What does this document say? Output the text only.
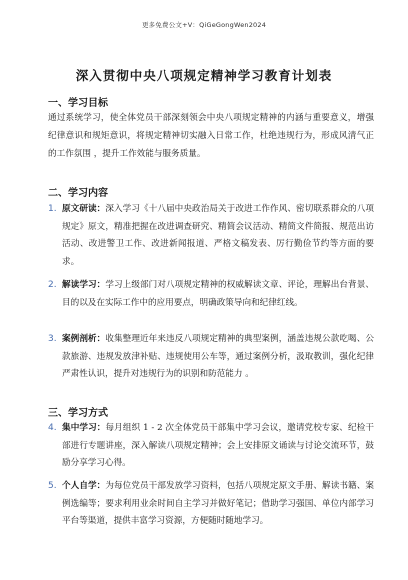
更多免费公文+V：QiGeGongWen2024
深入贯彻中央八项规定精神学习教育计划表
一、学习目标
通过系统学习，使全体党员干部深刻领会中央八项规定精神的内涵与重要意义，增强纪律意识和规矩意识，将规定精神切实融入日常工作，杜绝违规行为，形成风清气正的工作氛围 ，提升工作效能与服务质量。
二、学习内容
1. 原文研读：深入学习《十八届中央政治局关于改进工作作风、密切联系群众的八项规定》原文，精准把握在改进调查研究、精简会议活动、精简文件简报、规范出访活动、改进警卫工作、改进新闻报道、严格文稿发表、厉行勤俭节约等方面的要求。
2. 解读学习：学习上级部门对八项规定精神的权威解读文章、评论，理解出台背景、目的以及在实际工作中的应用要点，明确政策导向和纪律红线。
3. 案例剖析：收集整理近年来违反八项规定精神的典型案例，涵盖违规公款吃喝、公款旅游、违规发放津补贴、违规使用公车等，通过案例分析，汲取教训，强化纪律严肃性认识，提升对违规行为的识别和防范能力 。
三、学习方式
4. 集中学习：每月组织 1 - 2 次全体党员干部集中学习会议，邀请党校专家、纪检干部进行专题讲座，深入解读八项规定精神；会上安排原文诵读与讨论交流环节，鼓励分享学习心得。
5. 个人自学：为每位党员干部发放学习资料，包括八项规定原文手册、解读书籍、案例选编等；要求利用业余时间自主学习并做好笔记；借助学习强国、单位内部学习平台等渠道，提供丰富学习资源，方便随时随地学习。
